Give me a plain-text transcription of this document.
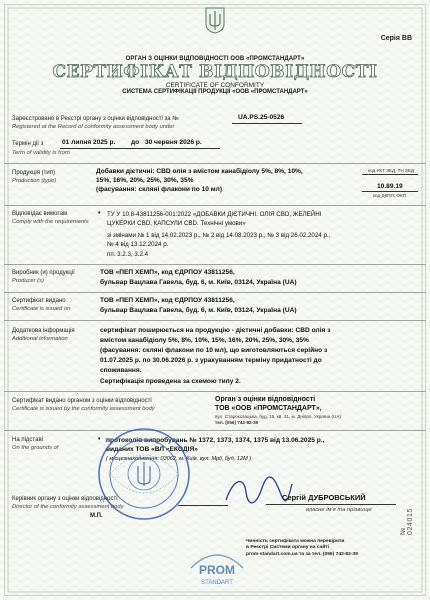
Серія ВВ
ОРГАН З ОЦІНКИ ВІДПОВІДНОСТІ ООВ «ПРОМСТАНДАРТ»
СЕРТИФІКАТ ВІДПОВІДНОСТІ
CERTIFICATE OF CONFORMITY
СИСТЕМА СЕРТИФІКАЦІЇ ПРОДУКЦІЇ «ООВ «ПРОМСТАНДАРТ»
Зареєстровано в Реєстрі органу з оцінки відповідності за №	UA.PS.25-0526
Registered at the Record of conformity assessment body under
Термін дії з	01 липня 2025 р. до 30 червня 2026 р.
Term of validity is from
Продукція (тип)
Production (type)
Добавки дієтичні: CBD олія з вмістом канабідіолу 5%, 8%, 10%,
15%, 16%, 20%, 25%, 30%, 35%
(фасування: скляні флакони по 10 мл)
код УКТ ЗЕД, ТН ЗЕД
10.89.19
код ДКПП, ОКП
Відповідає вимогам
Comply with the requirements
• ТУ У 10.8-43811256-001:2022 «ДОБАВКИ ДІЄТИЧНІ. ОЛІЯ CBD, ЖЕЛЕЙНІ
ЦУКЕРКИ CBD, КАПСУЛИ CBD. Технічні умови»
зі змінами № 1 від 14.02.2023 р., № 2 від 14.08.2023 р., № 3 від 26.02.2024 р.,
№ 4 від 13.12.2024 р.
пп. 3.2.3, 3.2.4
Виробник (и) продукції
Producer (s)
ТОВ «ПЕП ХЕМП», код ЄДРПОУ 43811256,
бульвар Вацлава Гавела, буд. 6, м. Київ, 03124, Україна (UA)
Сертифікат видано
Certificate is issued on
ТОВ «ПЕП ХЕМП», код ЄДРПОУ 43811256,
бульвар Вацлава Гавела, буд. 6, м. Київ, 03124, Україна (UA)
Додаткова інформація
Additional information
сертифікат поширюється на продукцію - дієтичні добавки: CBD олія з
вмістом канабідіолу 5%, 8%, 10%, 15%, 16%, 20%, 25%, 30%, 35%
(фасування: скляні флакони по 10 мл), що виготовляються серійно з
01.07.2025 р. по 30.06.2026 р. з урахуванням терміну придатності до
споживання.
Сертифікація проведена за схемою типу 2.
Сертифікат видано органом з оцінки відповідності
Certificate is issued by the conformity assessment body
Орган з оцінки відповідності
ТОВ «ООВ «ПРОМСТАНДАРТ»,
вул. Старокозацька, буд. 15, кв. 31, м. Дніпро, Україна (UA)
тел. (056) 742-82-39
На підставі
On the grounds of
• протоколів випробувань № 1372, 1373, 1374, 1375 від 13.06.2025 р.,
виданих ТОВ «ВЛ «ЕКОДІЯ»
( місцезнаходження: 03062, м. Київ, вул. Мрії, буд. 12М )
Керівник органу з оцінки відповідності
Director of the conformity assessment body
М.П.
Сергій ДУБРОВСЬКИЙ
власне ім'я та прізвище
Чинність сертифіката можна перевірити
в Реєстрі Системи органу на сайті
prom-standart.com.ua та за тел. (056) 742-82-39
PROM
STANDART
№ 024015
